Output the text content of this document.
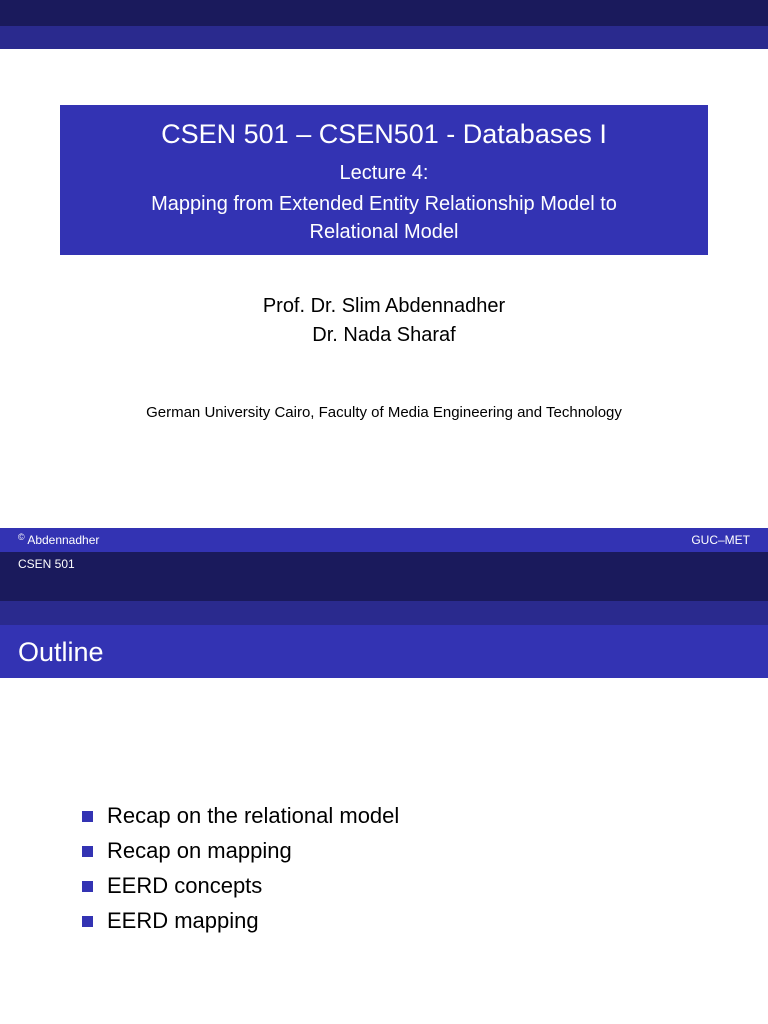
CSEN 501 – CSEN501 - Databases I
Lecture 4:
Mapping from Extended Entity Relationship Model to
Relational Model
Prof. Dr. Slim Abdennadher
Dr. Nada Sharaf
German University Cairo, Faculty of Media Engineering and Technology
© Abdennadher	GUC–MET
CSEN 501
Outline
Recap on the relational model
Recap on mapping
EERD concepts
EERD mapping
